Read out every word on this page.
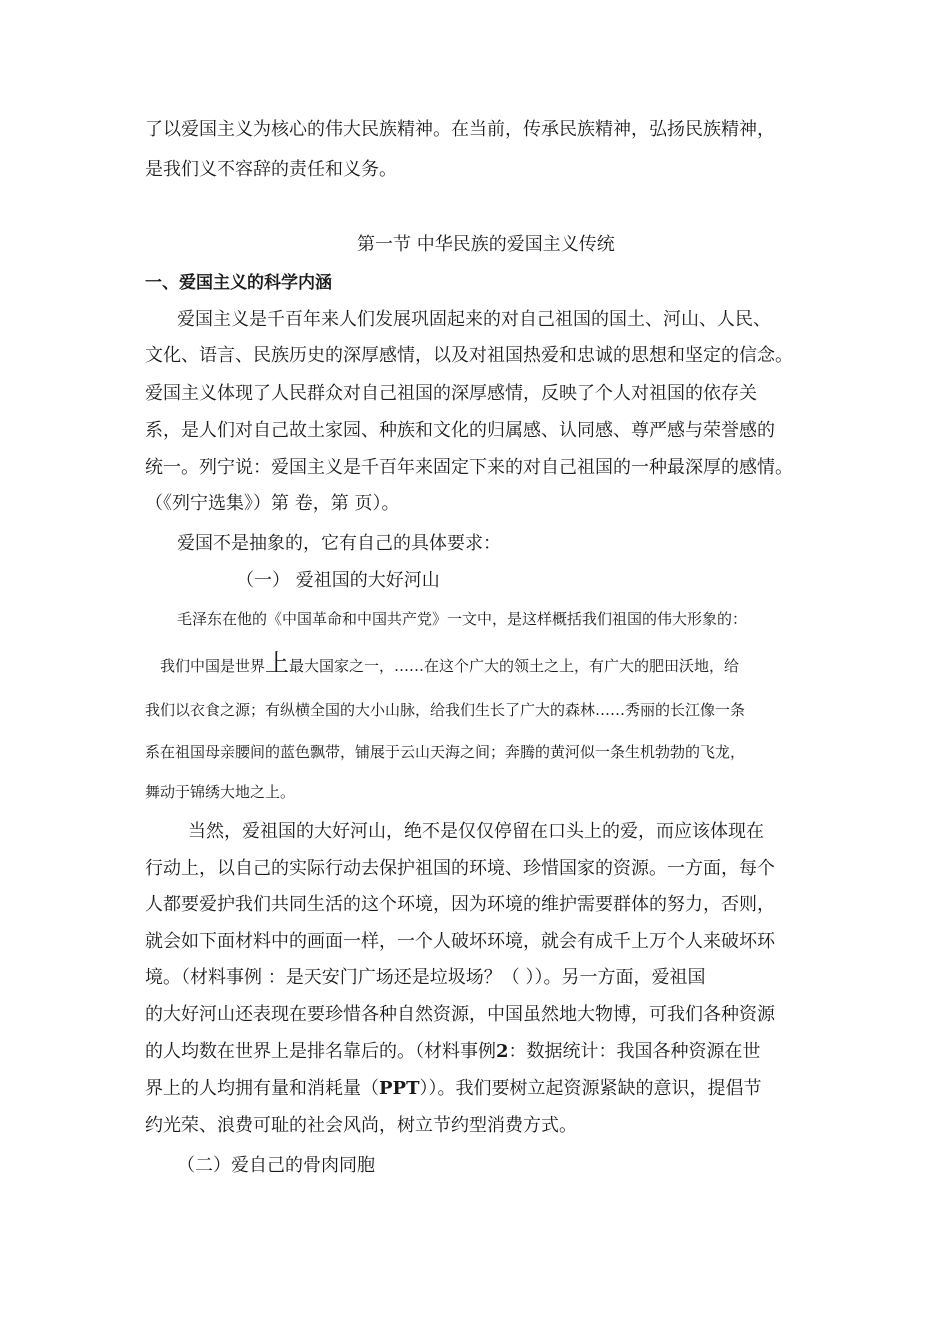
了以爱国主义为核心的伟大民族精神。在当前，传承民族精神，弘扬民族精神，
是我们义不容辞的责任和义务。
第一节 中华民族的爱国主义传统
一、爱国主义的科学内涵
爱国主义是千百年来人们发展巩固起来的对自己祖国的国土、河山、人民、
文化、语言、民族历史的深厚感情，以及对祖国热爱和忠诚的思想和坚定的信念。
爱国主义体现了人民群众对自己祖国的深厚感情，反映了个人对祖国的依存关
系，是人们对自己故土家园、种族和文化的归属感、认同感、尊严感与荣誉感的
统一。列宁说：爱国主义是千百年来固定下来的对自己祖国的一种最深厚的感情。
（《列宁选集》）第 卷，第 页）。
爱国不是抽象的，它有自己的具体要求：
（一） 爱祖国的大好河山
毛泽东在他的《中国革命和中国共产党》一文中，是这样概括我们祖国的伟大形象的：
我们中国是世界上最大国家之一，……在这个广大的领土之上，有广大的肥田沃地，给
我们以衣食之源；有纵横全国的大小山脉，给我们生长了广大的森林……秀丽的长江像一条
系在祖国母亲腰间的蓝色飘带，铺展于云山天海之间；奔腾的黄河似一条生机勃勃的飞龙，
舞动于锦绣大地之上。
当然，爱祖国的大好河山，绝不是仅仅停留在口头上的爱，而应该体现在
行动上，以自己的实际行动去保护祖国的环境、珍惜国家的资源。一方面，每个
人都要爱护我们共同生活的这个环境，因为环境的维护需要群体的努力，否则，
就会如下面材料中的画面一样，一个人破坏环境，就会有成千上万个人来破坏环
境。（材料事例 ：是天安门广场还是垃圾场？（ ））。另一方面，爱祖国
的大好河山还表现在要珍惜各种自然资源，中国虽然地大物博，可我们各种资源
的人均数在世界上是排名靠后的。（材料事例2：数据统计：我国各种资源在世
界上的人均拥有量和消耗量（PPT））。我们要树立起资源紧缺的意识，提倡节
约光荣、浪费可耻的社会风尚，树立节约型消费方式。
（二）爱自己的骨肉同胞
